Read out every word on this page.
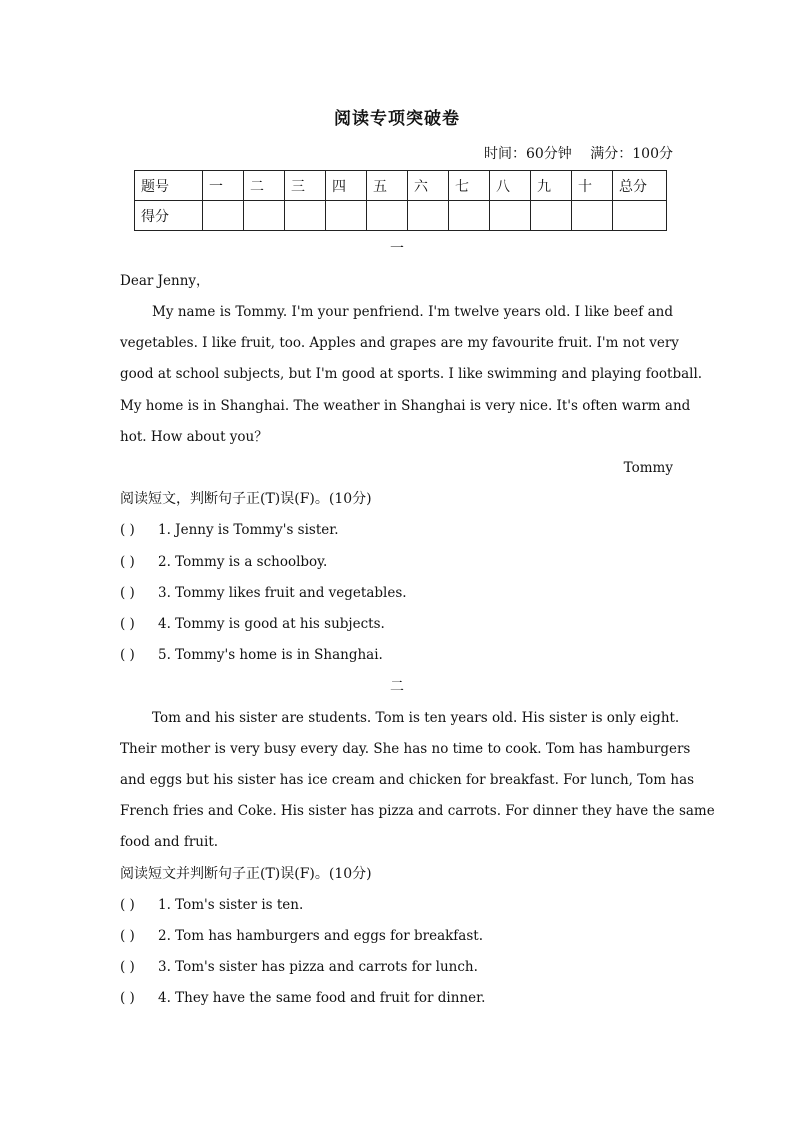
阅读专项突破卷
时间：60分钟 满分：100分
题号	一	二	三	四	五	六	七	八	九	十	总分
得分											
一
Dear Jenny，
My name is Tommy. I'm your penfriend. I'm twelve years old. I like beef and
vegetables. I like fruit, too. Apples and grapes are my favourite fruit. I'm not very
good at school subjects, but I'm good at sports. I like swimming and playing football.
My home is in Shanghai. The weather in Shanghai is very nice. It's often warm and
hot. How about you？
Tommy
阅读短文，判断句子正(T)误(F)。(10分)
( ) 1. Jenny is Tommy's sister.
( ) 2. Tommy is a schoolboy.
( ) 3. Tommy likes fruit and vegetables.
( ) 4. Tommy is good at his subjects.
( ) 5. Tommy's home is in Shanghai.
二
Tom and his sister are students. Tom is ten years old. His sister is only eight.
Their mother is very busy every day. She has no time to cook. Tom has hamburgers
and eggs but his sister has ice cream and chicken for breakfast. For lunch, Tom has
French fries and Coke. His sister has pizza and carrots. For dinner they have the same
food and fruit.
阅读短文并判断句子正(T)误(F)。(10分)
( ) 1. Tom's sister is ten.
( ) 2. Tom has hamburgers and eggs for breakfast.
( ) 3. Tom's sister has pizza and carrots for lunch.
( ) 4. They have the same food and fruit for dinner.
